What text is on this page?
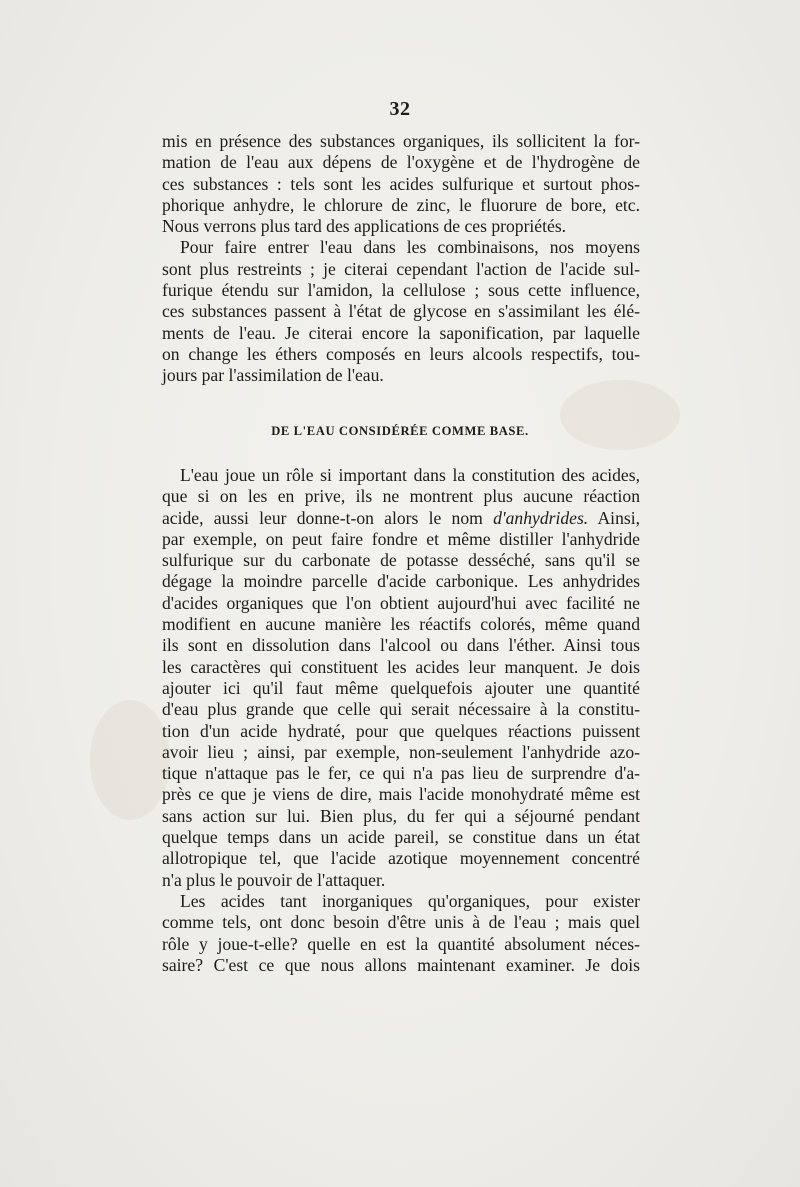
32

mis en présence des substances organiques, ils sollicitent la for-
mation de l'eau aux dépens de l'oxygène et de l'hydrogène de
ces substances : tels sont les acides sulfurique et surtout phos-
phorique anhydre, le chlorure de zinc, le fluorure de bore, etc.
Nous verrons plus tard des applications de ces propriétés.

Pour faire entrer l'eau dans les combinaisons, nos moyens
sont plus restreints ; je citerai cependant l'action de l'acide sul-
furique étendu sur l'amidon, la cellulose ; sous cette influence,
ces substances passent à l'état de glycose en s'assimilant les élé-
ments de l'eau. Je citerai encore la saponification, par laquelle
on change les éthers composés en leurs alcools respectifs, tou-
jours par l'assimilation de l'eau.

DE L'EAU CONSIDÉRÉE COMME BASE.

L'eau joue un rôle si important dans la constitution des acides,
que si on les en prive, ils ne montrent plus aucune réaction
acide, aussi leur donne-t-on alors le nom d'anhydrides. Ainsi,
par exemple, on peut faire fondre et même distiller l'anhydride
sulfurique sur du carbonate de potasse desséché, sans qu'il se
dégage la moindre parcelle d'acide carbonique. Les anhydrides
d'acides organiques que l'on obtient aujourd'hui avec facilité ne
modifient en aucune manière les réactifs colorés, même quand
ils sont en dissolution dans l'alcool ou dans l'éther. Ainsi tous
les caractères qui constituent les acides leur manquent. Je dois
ajouter ici qu'il faut même quelquefois ajouter une quantité
d'eau plus grande que celle qui serait nécessaire à la constitu-
tion d'un acide hydraté, pour que quelques réactions puissent
avoir lieu ; ainsi, par exemple, non-seulement l'anhydride azo-
tique n'attaque pas le fer, ce qui n'a pas lieu de surprendre d'a-
près ce que je viens de dire, mais l'acide monohydraté même est
sans action sur lui. Bien plus, du fer qui a séjourné pendant
quelque temps dans un acide pareil, se constitue dans un état
allotropique tel, que l'acide azotique moyennement concentré
n'a plus le pouvoir de l'attaquer.

Les acides tant inorganiques qu'organiques, pour exister
comme tels, ont donc besoin d'être unis à de l'eau ; mais quel
rôle y joue-t-elle? quelle en est la quantité absolument néces-
saire? C'est ce que nous allons maintenant examiner. Je dois
